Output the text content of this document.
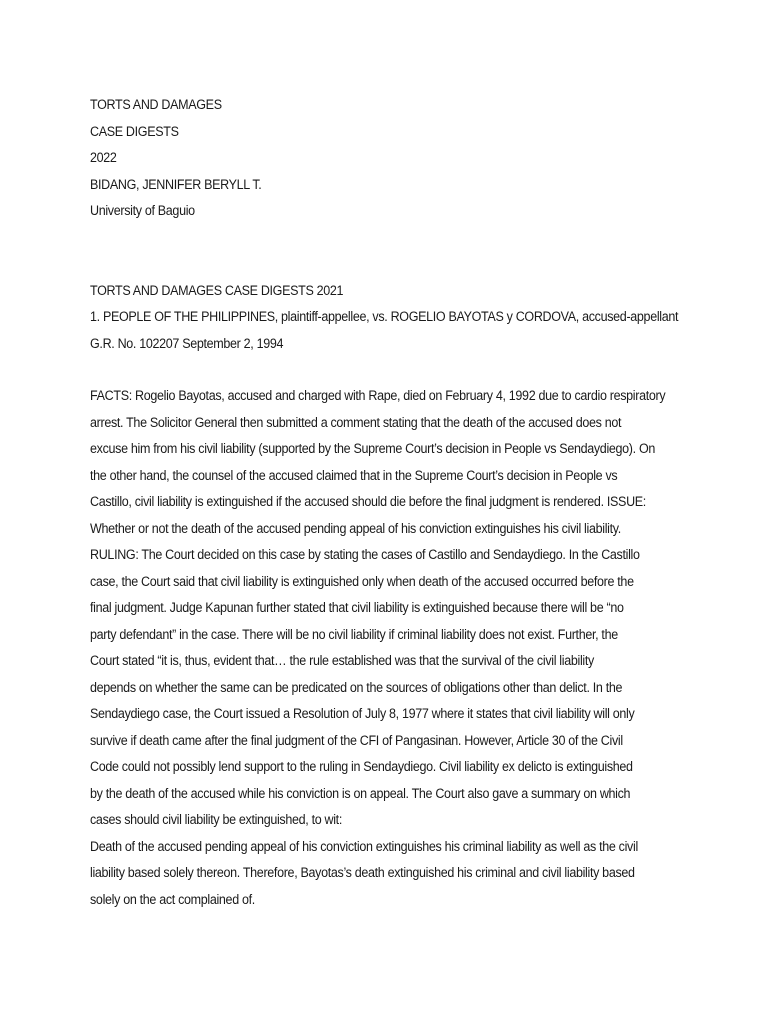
TORTS AND DAMAGES
CASE DIGESTS
2022
BIDANG, JENNIFER BERYLL T.
University of Baguio
TORTS AND DAMAGES CASE DIGESTS 2021
1. PEOPLE OF THE PHILIPPINES, plaintiff-appellee, vs. ROGELIO BAYOTAS y CORDOVA, accused-appellant
G.R. No. 102207 September 2, 1994
FACTS: Rogelio Bayotas, accused and charged with Rape, died on February 4, 1992 due to cardio respiratory
arrest. The Solicitor General then submitted a comment stating that the death of the accused does not
excuse him from his civil liability (supported by the Supreme Court’s decision in People vs Sendaydiego). On
the other hand, the counsel of the accused claimed that in the Supreme Court’s decision in People vs
Castillo, civil liability is extinguished if the accused should die before the final judgment is rendered. ISSUE:
Whether or not the death of the accused pending appeal of his conviction extinguishes his civil liability.
RULING: The Court decided on this case by stating the cases of Castillo and Sendaydiego. In the Castillo
case, the Court said that civil liability is extinguished only when death of the accused occurred before the
final judgment. Judge Kapunan further stated that civil liability is extinguished because there will be “no
party defendant” in the case. There will be no civil liability if criminal liability does not exist. Further, the
Court stated “it is, thus, evident that… the rule established was that the survival of the civil liability
depends on whether the same can be predicated on the sources of obligations other than delict. In the
Sendaydiego case, the Court issued a Resolution of July 8, 1977 where it states that civil liability will only
survive if death came after the final judgment of the CFI of Pangasinan. However, Article 30 of the Civil
Code could not possibly lend support to the ruling in Sendaydiego. Civil liability ex delicto is extinguished
by the death of the accused while his conviction is on appeal. The Court also gave a summary on which
cases should civil liability be extinguished, to wit:
Death of the accused pending appeal of his conviction extinguishes his criminal liability as well as the civil
liability based solely thereon. Therefore, Bayotas’s death extinguished his criminal and civil liability based
solely on the act complained of.
